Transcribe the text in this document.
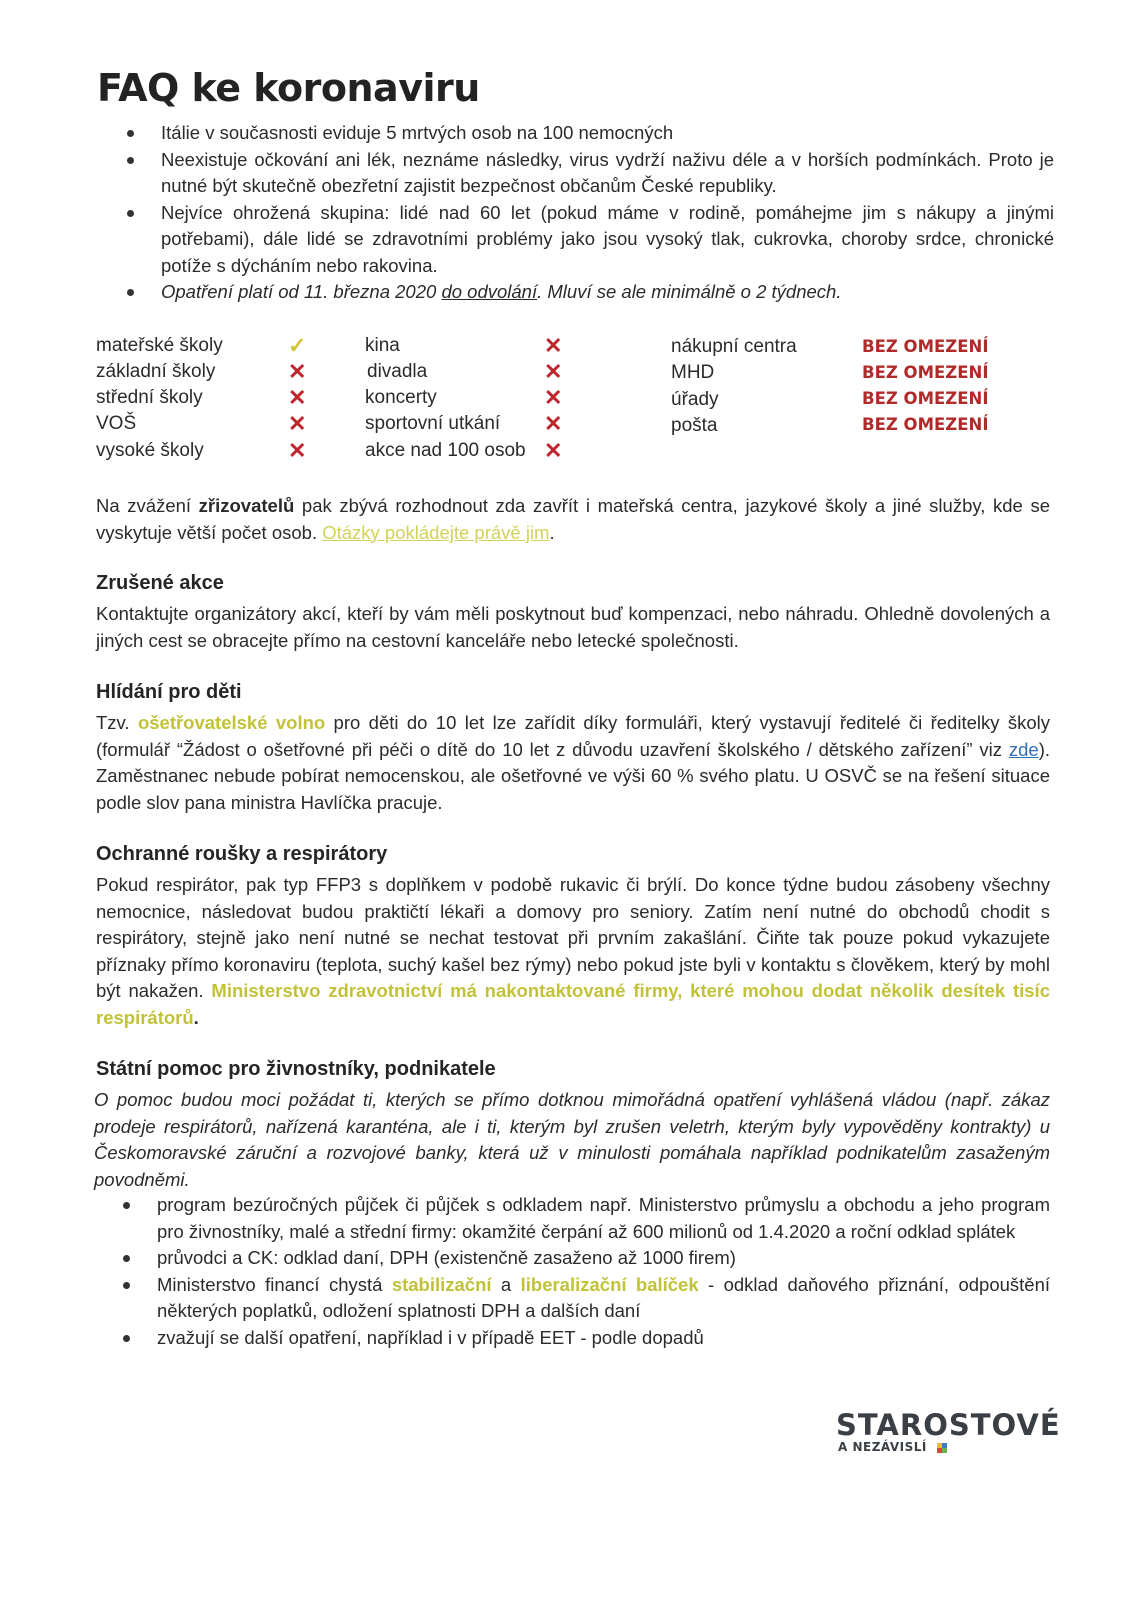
FAQ ke koronaviru
Itálie v současnosti eviduje 5 mrtvých osob na 100 nemocných
Neexistuje očkování ani lék, neznáme následky, virus vydrží naživu déle a v horších podmínkách. Proto je nutné být skutečně obezřetní zajistit bezpečnost občanům České republiky.
Nejvíce ohrožená skupina: lidé nad 60 let (pokud máme v rodině, pomáhejme jim s nákupy a jinými potřebami), dále lidé se zdravotními problémy jako jsou vysoký tlak, cukrovka, choroby srdce, chronické potíže s dýcháním nebo rakovina.
Opatření platí od 11. března 2020 do odvolání. Mluví se ale minimálně o 2 týdnech.
mateřské školy	✓
základní školy	✕
střední školy	✕
VOŠ	✕
vysoké školy	✕
kina	✕
divadla	✕
koncerty	✕
sportovní utkání ✕
akce nad 100 osob ✕
nákupní centra	BEZ OMEZENÍ
MHD	BEZ OMEZENÍ
úřady	BEZ OMEZENÍ
pošta	BEZ OMEZENÍ

Na zvážení zřizovatelů pak zbývá rozhodnout zda zavřít i mateřská centra, jazykové školy a jiné služby, kde se vyskytuje větší počet osob. Otázky pokládejte právě jim.

Zrušené akce

Kontaktujte organizátory akcí, kteří by vám měli poskytnout buď kompenzaci, nebo náhradu. Ohledně dovolených a jiných cest se obracejte přímo na cestovní kanceláře nebo letecké společnosti.

Hlídání pro děti

Tzv. ošetřovatelské volno pro děti do 10 let lze zařídit díky formuláři, který vystavují ředitelé či ředitelky školy (formulář “Žádost o ošetřovné při péči o dítě do 10 let z důvodu uzavření školského / dětského zařízení” viz zde). Zaměstnanec nebude pobírat nemocenskou, ale ošetřovné ve výši 60 % svého platu. U OSVČ se na řešení situace podle slov pana ministra Havlíčka pracuje.

Ochranné roušky a respirátory

Pokud respirátor, pak typ FFP3 s doplňkem v podobě rukavic či brýlí. Do konce týdne budou zásobeny všechny nemocnice, následovat budou praktičtí lékaři a domovy pro seniory. Zatím není nutné do obchodů chodit s respirátory, stejně jako není nutné se nechat testovat při prvním zakašlání. Čiňte tak pouze pokud vykazujete příznaky přímo koronaviru (teplota, suchý kašel bez rýmy) nebo pokud jste byli v kontaktu s člověkem, který by mohl být nakažen. Ministerstvo zdravotnictví má nakontaktované firmy, které mohou dodat několik desítek tisíc respirátorů.

Státní pomoc pro živnostníky, podnikatele

O pomoc budou moci požádat ti, kterých se přímo dotknou mimořádná opatření vyhlášená vládou (např. zákaz prodeje respirátorů, nařízená karanténa, ale i ti, kterým byl zrušen veletrh, kterým byly vypověděny kontrakty) u Českomoravské záruční a rozvojové banky, která už v minulosti pomáhala například podnikatelům zasaženým povodněmi.

program bezúročných půjček či půjček s odkladem např. Ministerstvo průmyslu a obchodu a jeho program pro živnostníky, malé a střední firmy: okamžité čerpání až 600 milionů od 1.4.2020 a roční odklad splátek
průvodci a CK: odklad daní, DPH (existenčně zasaženo až 1000 firem)
Ministerstvo financí chystá stabilizační a liberalizační balíček - odklad daňového přiznání, odpouštění některých poplatků, odložení splatnosti DPH a dalších daní
zvažují se další opatření, například i v případě EET - podle dopadů
STAROSTOVÉ
A NEZÁVISLÍ
